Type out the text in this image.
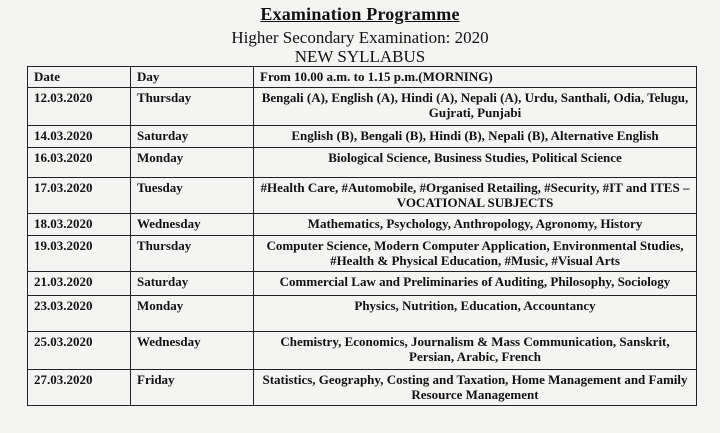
Examination Programme
Higher Secondary Examination: 2020
NEW SYLLABUS
Date	Day	From 10.00 a.m. to 1.15 p.m.(MORNING)
12.03.2020	Thursday	Bengali (A), English (A), Hindi (A), Nepali (A), Urdu, Santhali, Odia, Telugu, Gujrati, Punjabi
14.03.2020	Saturday	English (B), Bengali (B), Hindi (B), Nepali (B), Alternative English
16.03.2020	Monday	Biological Science, Business Studies, Political Science
17.03.2020	Tuesday	#Health Care, #Automobile, #Organised Retailing, #Security, #IT and ITES –VOCATIONAL SUBJECTS
18.03.2020	Wednesday	Mathematics, Psychology, Anthropology, Agronomy, History
19.03.2020	Thursday	Computer Science, Modern Computer Application, Environmental Studies, #Health & Physical Education, #Music, #Visual Arts
21.03.2020	Saturday	Commercial Law and Preliminaries of Auditing, Philosophy, Sociology
23.03.2020	Monday	Physics, Nutrition, Education, Accountancy
25.03.2020	Wednesday	Chemistry, Economics, Journalism & Mass Communication, Sanskrit, Persian, Arabic, French
27.03.2020	Friday	Statistics, Geography, Costing and Taxation, Home Management and Family Resource Management
